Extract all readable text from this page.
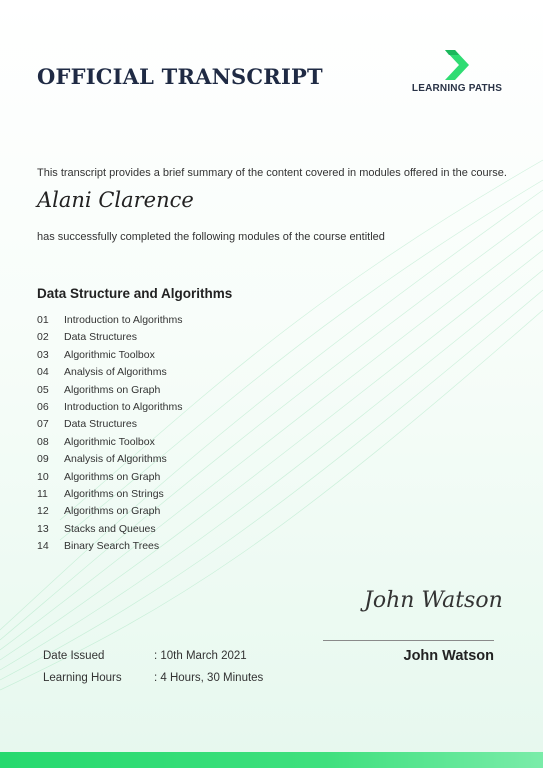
OFFICIAL TRANSCRIPT	LEARNING PATHS

This transcript provides a brief summary of the content covered in modules offered in the course.

Alani Clarence

has successfully completed the following modules of the course entitled

Data Structure and Algorithms

01 Introduction to Algorithms
02 Data Structures
03 Algorithmic Toolbox
04 Analysis of Algorithms
05 Algorithms on Graph
06 Introduction to Algorithms
07 Data Structures
08 Algorithmic Toolbox
09 Analysis of Algorithms
10 Algorithms on Graph
11 Algorithms on Strings
12 Algorithms on Graph
13 Stacks and Queues
14 Binary Search Trees
Date Issued	: 10th March 2021
Learning Hours	: 4 Hours, 30 Minutes

John Watson

John Watson
